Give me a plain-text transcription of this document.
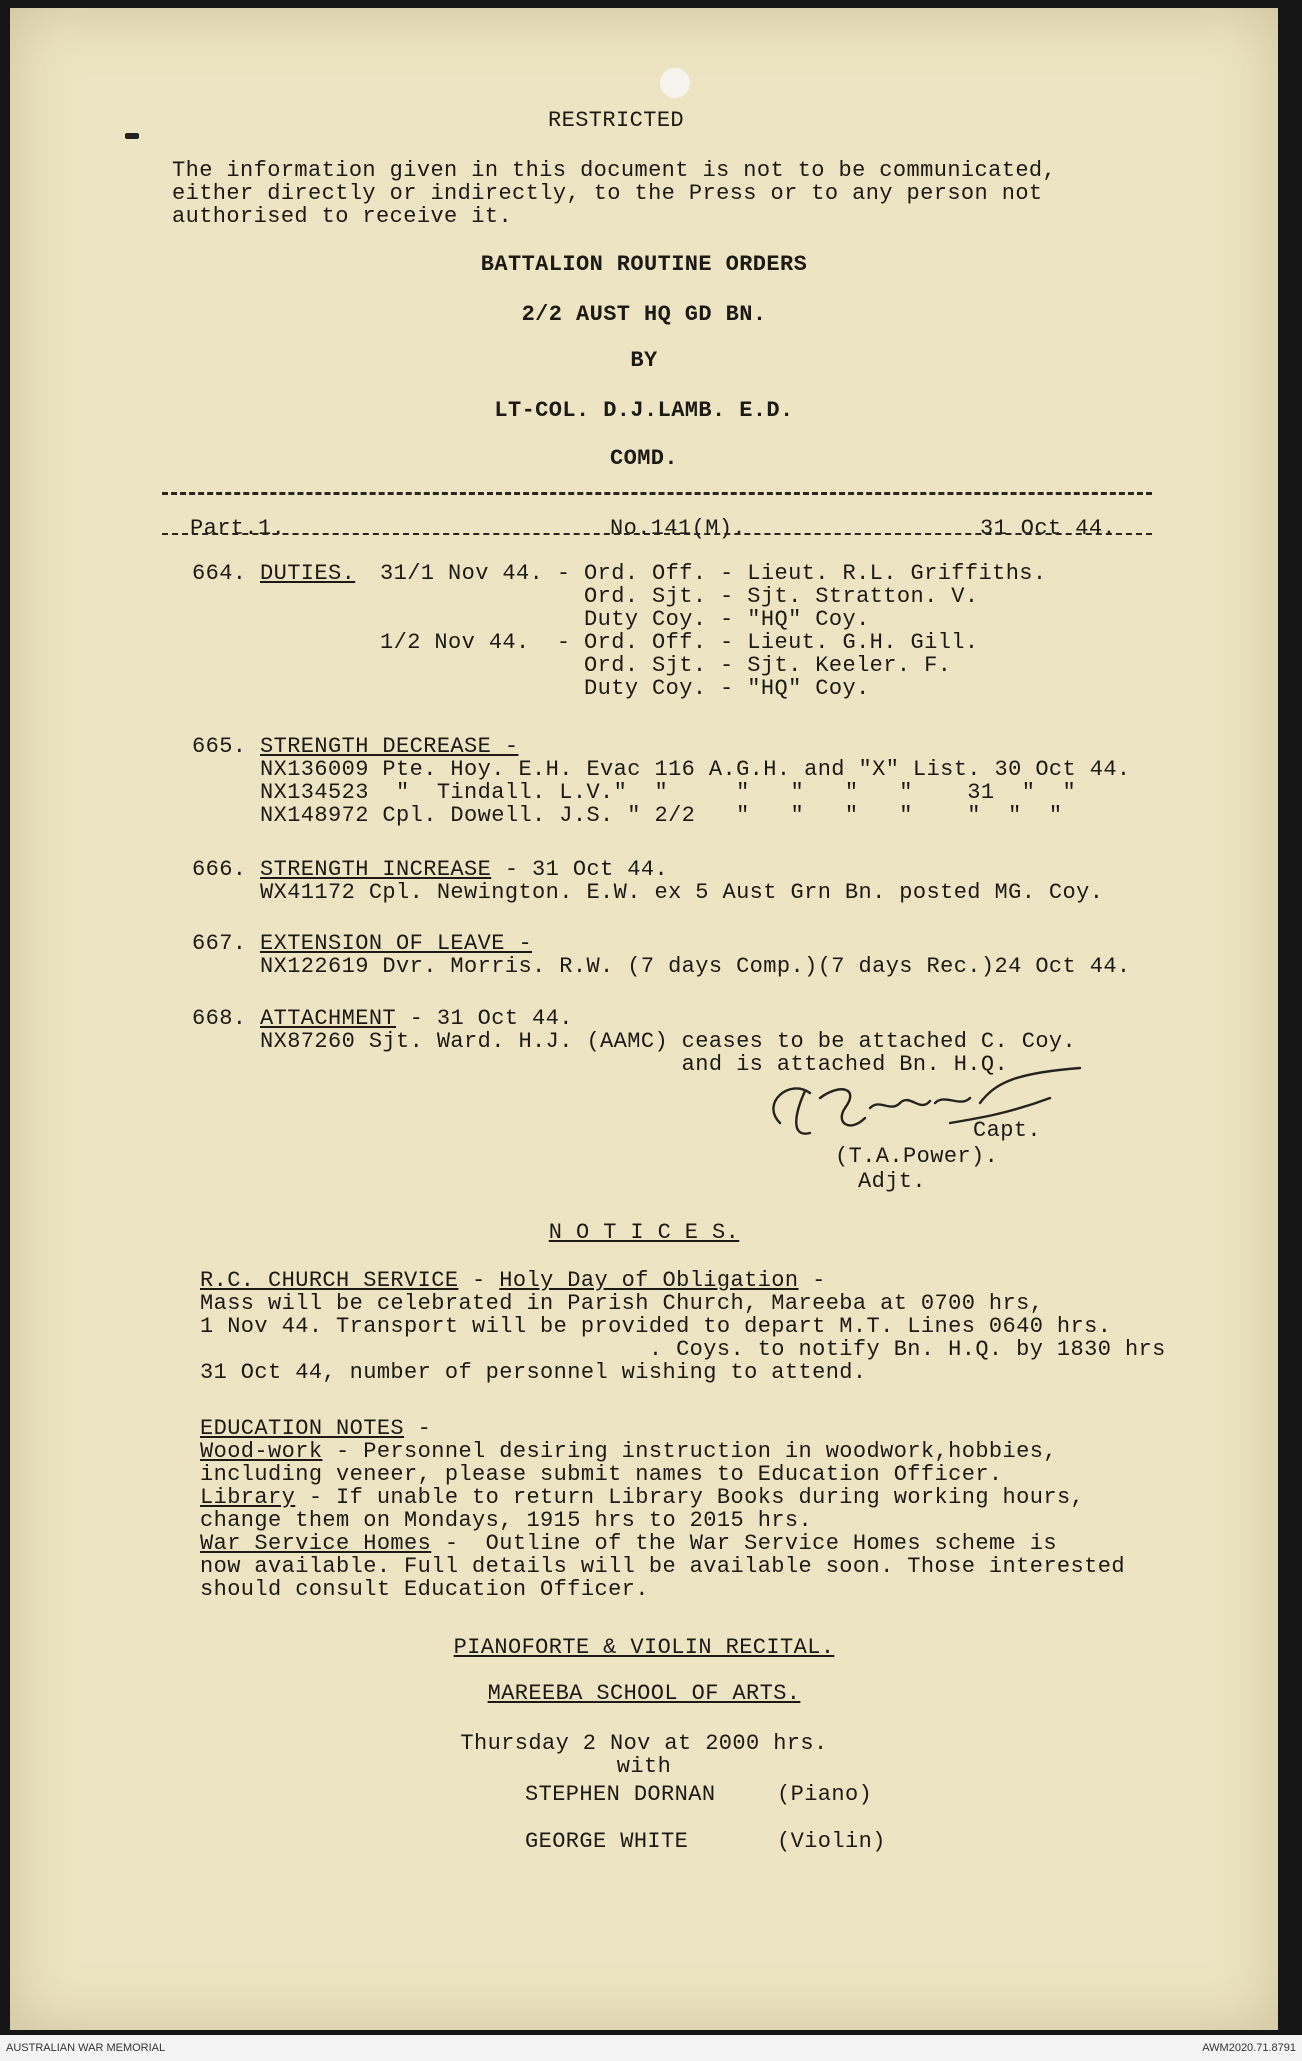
RESTRICTED
The information given in this document is not to be communicated,
either directly or indirectly, to the Press or to any person not
authorised to receive it.
BATTALION ROUTINE ORDERS
2/2 AUST HQ GD BN.
BY
LT-COL. D.J.LAMB. E.D.
COMD.
Part.1.	No.141(M).	31 Oct 44.
664. DUTIES. 31/1 Nov 44. - Ord. Off. - Lieut. R.L. Griffiths.
Ord. Sjt. - Sjt. Stratton. V.
Duty Coy. - "HQ" Coy.
1/2 Nov 44.  - Ord. Off. - Lieut. G.H. Gill.
Ord. Sjt. - Sjt. Keeler. F.
Duty Coy. - "HQ" Coy.
665. STRENGTH DECREASE -
NX136009 Pte. Hoy. E.H. Evac 116 A.G.H. and "X" List. 30 Oct 44.
NX134523  "  Tindall. L.V."  "     "   "   "   "    31  "  "
NX148972 Cpl. Dowell. J.S. " 2/2   "   "   "   "    "  "  "
666. STRENGTH INCREASE - 31 Oct 44.
WX41172 Cpl. Newington. E.W. ex 5 Aust Grn Bn. posted MG. Coy.
667. EXTENSION OF LEAVE -
NX122619 Dvr. Morris. R.W. (7 days Comp.)(7 days Rec.)24 Oct 44.
668. ATTACHMENT - 31 Oct 44.
NX87260 Sjt. Ward. H.J. (AAMC) ceases to be attached C. Coy.
and is attached Bn. H.Q.
Capt.
(T.A.Power).
Adjt.
N O T I C E S.
R.C. CHURCH SERVICE - Holy Day of Obligation -
Mass will be celebrated in Parish Church, Mareeba at 0700 hrs,
1 Nov 44. Transport will be provided to depart M.T. Lines 0640 hrs.
. Coys. to notify Bn. H.Q. by 1830 hrs
31 Oct 44, number of personnel wishing to attend.
EDUCATION NOTES -
Wood-work - Personnel desiring instruction in woodwork,hobbies,
including veneer, please submit names to Education Officer.
Library - If unable to return Library Books during working hours,
change them on Mondays, 1915 hrs to 2015 hrs.
War Service Homes -  Outline of the War Service Homes scheme is
now available. Full details will be available soon. Those interested
should consult Education Officer.
PIANOFORTE & VIOLIN RECITAL.
MAREEBA SCHOOL OF ARTS.
Thursday 2 Nov at 2000 hrs.
with
STEPHEN DORNAN	(Piano)
GEORGE WHITE	(Violin)
AUSTRALIAN WAR MEMORIAL	AWM2020.71.8791
